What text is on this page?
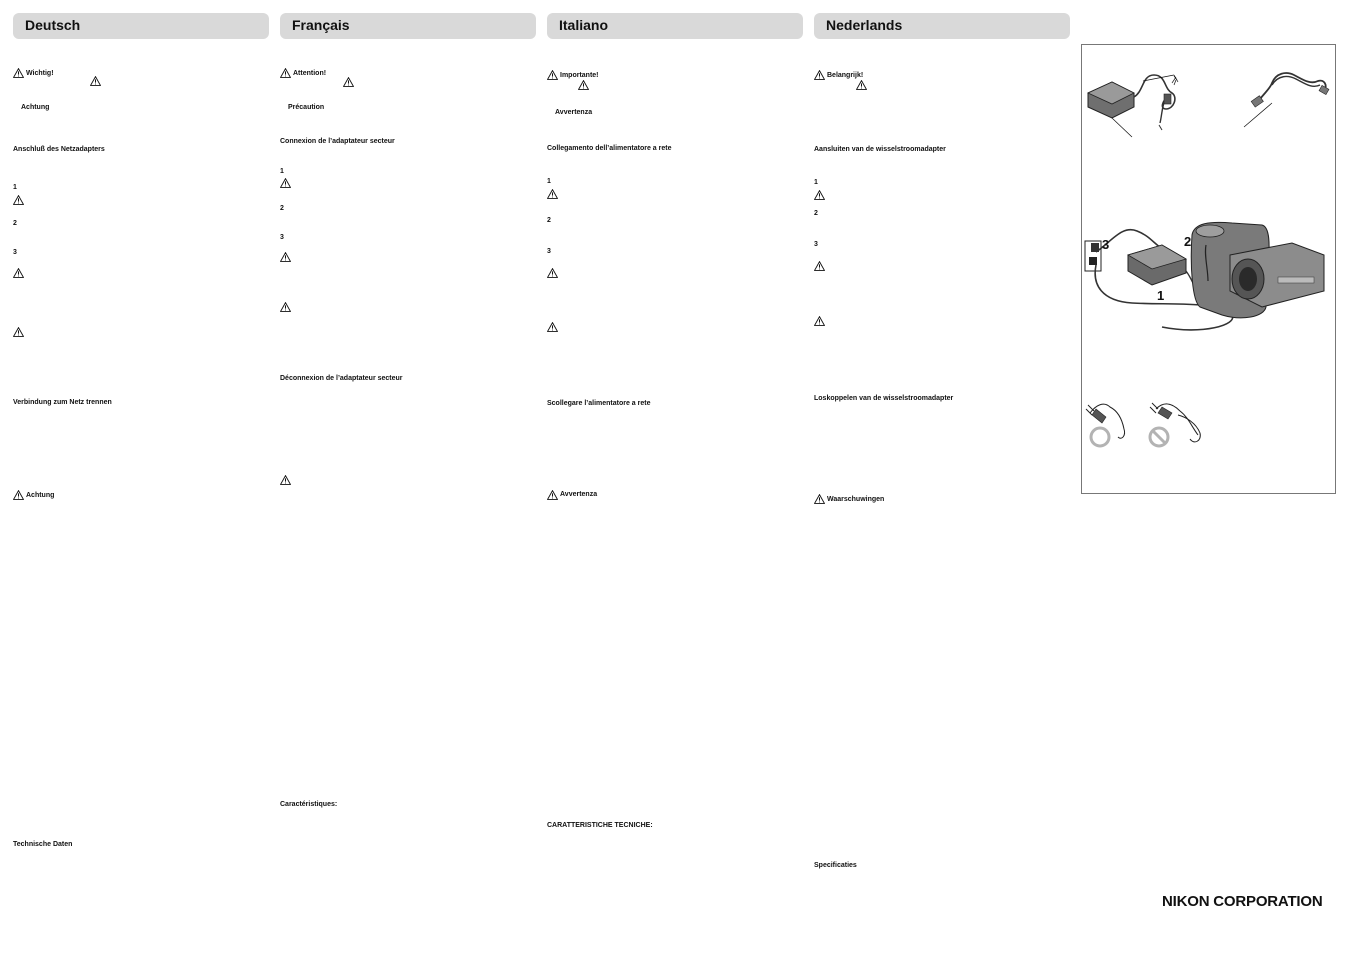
Deutsch	Français	Italiano	Nederlands
Wichtig!
Achtung
Anschluß des Netzadapters
1
2
3
Verbindung zum Netz trennen
Achtung
Technische Daten
Attention!
Précaution
Connexion de l’adaptateur secteur
1
2
3
Déconnexion de l’adaptateur secteur
Caractéristiques:
Importante!
Avvertenza
Collegamento dell’alimentatore a rete
1
2
3
Scollegare l’alimentatore a rete
Avvertenza
CARATTERISTICHE TECNICHE:
Belangrijk!
Aansluiten van de wisselstroomadapter
1
2
3
Loskoppelen van de wisselstroomadapter
Waarschuwingen
Specificaties
3	2
1
NIKON CORPORATION
